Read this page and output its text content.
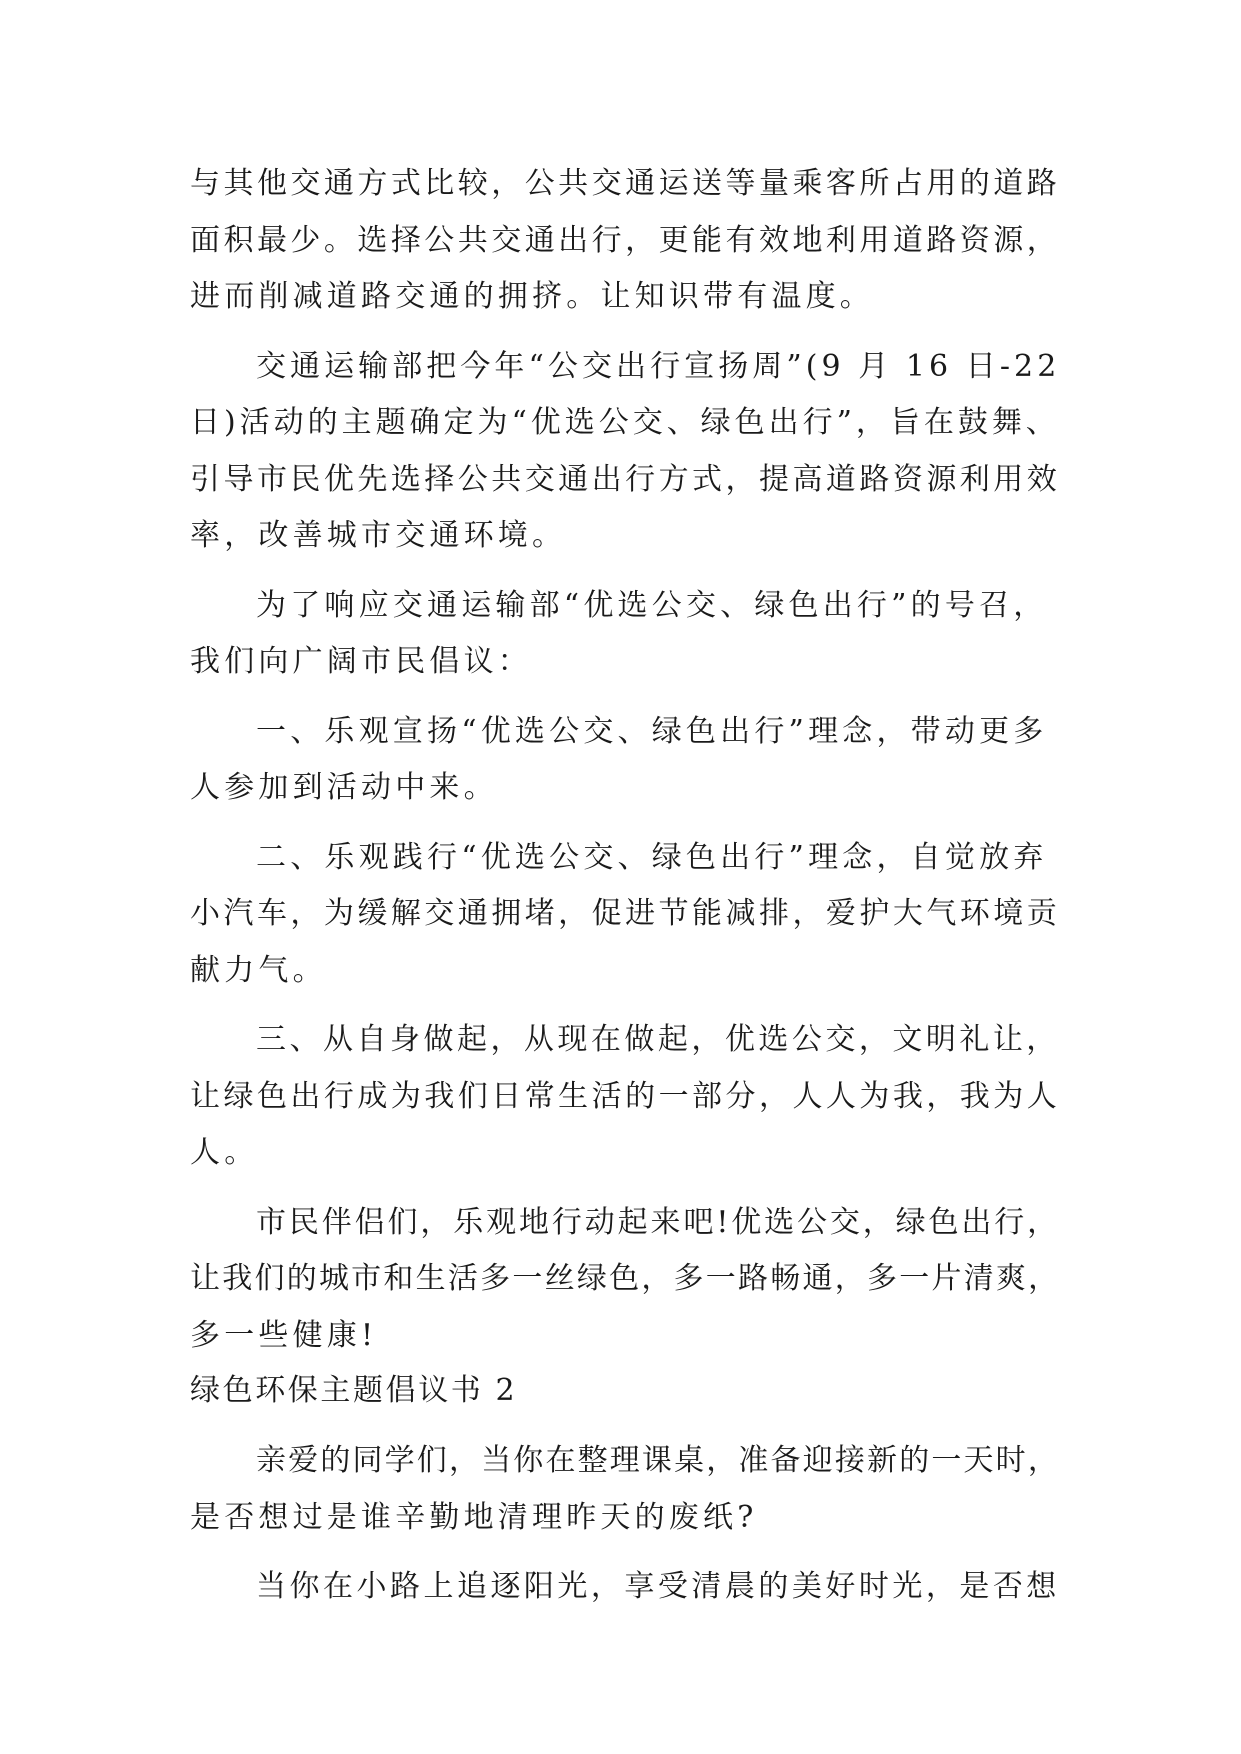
与其他交通方式比较，公共交通运送等量乘客所占用的道路
面积最少。选择公共交通出行，更能有效地利用道路资源，
进而削减道路交通的拥挤。让知识带有温度。
交通运输部把今年“公交出行宣扬周”(9 月 16 日-22
日)活动的主题确定为“优选公交、绿色出行”，旨在鼓舞、
引导市民优先选择公共交通出行方式，提高道路资源利用效
率，改善城市交通环境。
为了响应交通运输部“优选公交、绿色出行”的号召，
我们向广阔市民倡议：
一、乐观宣扬“优选公交、绿色出行”理念，带动更多
人参加到活动中来。
二、乐观践行“优选公交、绿色出行”理念，自觉放弃
小汽车，为缓解交通拥堵，促进节能减排，爱护大气环境贡
献力气。
三、从自身做起，从现在做起，优选公交，文明礼让，
让绿色出行成为我们日常生活的一部分，人人为我，我为人
人。
市民伴侣们，乐观地行动起来吧!优选公交，绿色出行，
让我们的城市和生活多一丝绿色，多一路畅通，多一片清爽，
多一些健康!
绿色环保主题倡议书 2
亲爱的同学们，当你在整理课桌，准备迎接新的一天时，
是否想过是谁辛勤地清理昨天的废纸?
当你在小路上追逐阳光，享受清晨的美好时光，是否想
